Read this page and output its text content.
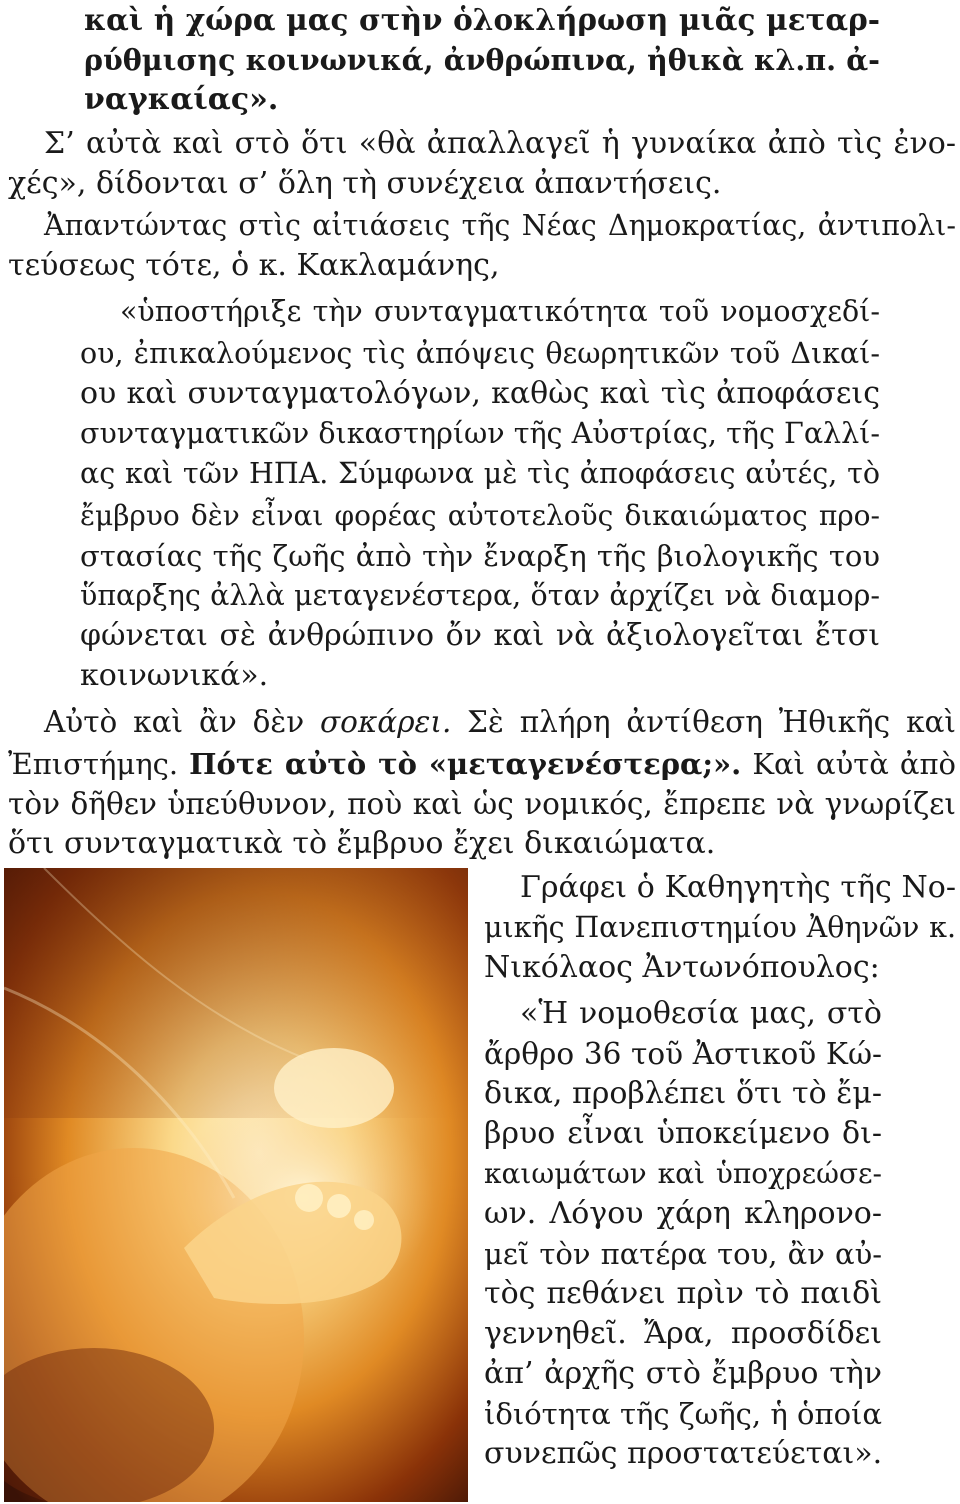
καὶ ἡ χώρα μας στὴν ὁλοκλήρωση μιᾶς μεταρ-

ρύθμισης κοινωνικά, ἀνθρώπινα, ἠθικὰ κλ.π. ἀ-

ναγκαίας».

Σ’ αὐτὰ καὶ στὸ ὅτι «θὰ ἀπαλλαγεῖ ἡ γυναίκα ἀπὸ τὶς ἐνο-

χές», δίδονται σ’ ὅλη τὴ συνέχεια ἀπαντήσεις.

Ἀπαντώντας στὶς αἰτιάσεις τῆς Νέας Δημοκρατίας, ἀντιπολι-

τεύσεως τότε, ὁ κ. Κακλαμάνης,

«ὑποστήριξε τὴν συνταγματικότητα τοῦ νομοσχεδί-

ου, ἐπικαλούμενος τὶς ἀπόψεις θεωρητικῶν τοῦ Δικαί-

ου καὶ συνταγματολόγων, καθὼς καὶ τὶς ἀποφάσεις

συνταγματικῶν δικαστηρίων τῆς Αὐστρίας, τῆς Γαλλί-

ας καὶ τῶν ΗΠΑ. Σύμφωνα μὲ τὶς ἀποφάσεις αὐτές, τὸ

ἔμβρυο δὲν εἶναι φορέας αὐτοτελοῦς δικαιώματος προ-

στασίας τῆς ζωῆς ἀπὸ τὴν ἔναρξη τῆς βιολογικῆς του

ὕπαρξης ἀλλὰ μεταγενέστερα, ὅταν ἀρχίζει νὰ διαμορ-

φώνεται σὲ ἀνθρώπινο ὄν καὶ νὰ ἀξιολογεῖται ἔτσι

κοινωνικά».

Αὐτὸ καὶ ἂν δὲν σοκάρει. Σὲ πλήρη ἀντίθεση Ἠθικῆς καὶ

Ἐπιστήμης. Πότε αὐτὸ τὸ «μεταγενέστερα;». Καὶ αὐτὰ ἀπὸ

τὸν δῆθεν ὑπεύθυνον, ποὺ καὶ ὡς νομικός, ἔπρεπε νὰ γνωρίζει

ὅτι συνταγματικὰ τὸ ἔμβρυο ἔχει δικαιώματα.

Γράφει ὁ Καθηγητὴς τῆς Νο-

μικῆς Πανεπιστημίου Ἀθηνῶν κ.

Νικόλαος Ἀντωνόπουλος:

«Ἡ νομοθεσία μας, στὸ

ἄρθρο 36 τοῦ Ἀστικοῦ Κώ-

δικα, προβλέπει ὅτι τὸ ἔμ-

βρυο εἶναι ὑποκείμενο δι-

καιωμάτων καὶ ὑποχρεώσε-

ων. Λόγου χάρη κληρονο-

μεῖ τὸν πατέρα του, ἂν αὐ-

τὸς πεθάνει πρὶν τὸ παιδὶ

γεννηθεῖ. Ἄρα, προσδίδει

ἀπ’ ἀρχῆς στὸ ἔμβρυο τὴν

ἰδιότητα τῆς ζωῆς, ἡ ὁποία

συνεπῶς προστατεύεται».
